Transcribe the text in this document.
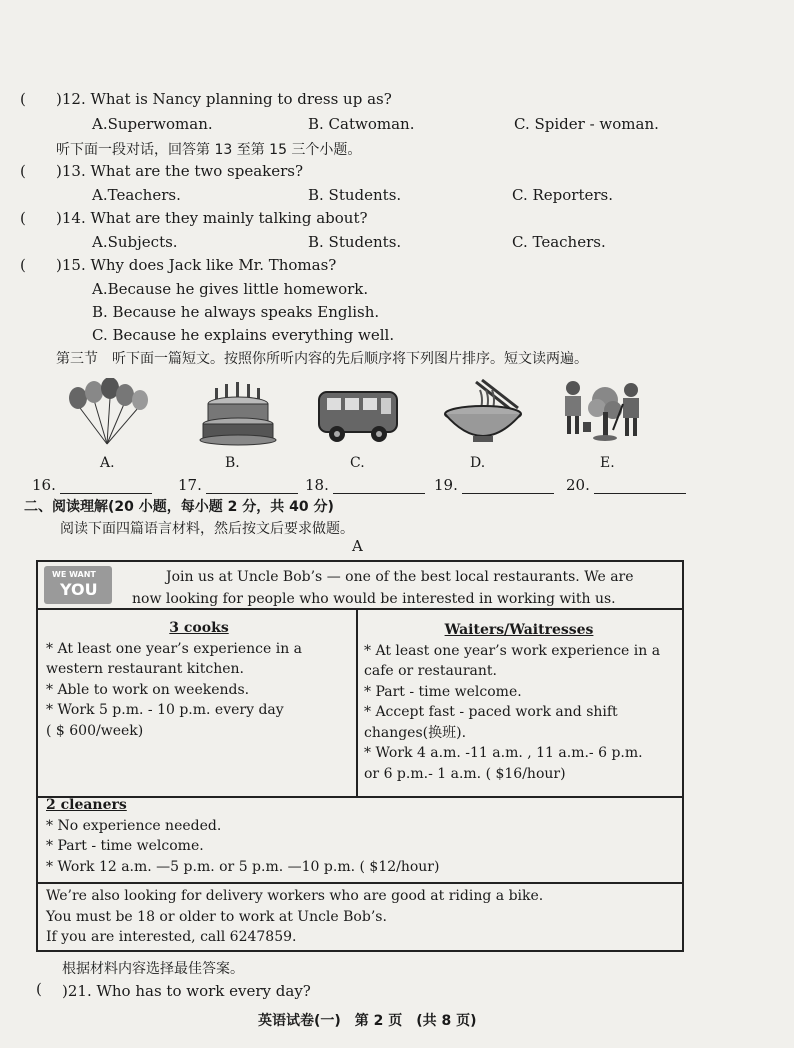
( )12. What is Nancy planning to dress up as?
A.Superwoman.	B. Catwoman.	C. Spider - woman.
听下面一段对话，回答第 13 至第 15 三个小题。
( )13. What are the two speakers?
A.Teachers.	B. Students.	C. Reporters.
( )14. What are they mainly talking about?
A.Subjects.	B. Students.	C. Teachers.
( )15. Why does Jack like Mr. Thomas?
A.Because he gives little homework.
B. Because he always speaks English.
C. Because he explains everything well.
第三节　听下面一篇短文。按照你所听内容的先后顺序将下列图片排序。短文读两遍。
A.	B.	C.	D.	E.
16.	17.	18.	19.	20.
二、阅读理解(20 小题，每小题 2 分，共 40 分)
阅读下面四篇语言材料，然后按文后要求做题。
A
WE WANT
YOU
Join us at Uncle Bob’s — one of the best local restaurants. We are
now looking for people who would be interested in working with us.
3 cooks
* At least one year’s experience in a
western restaurant kitchen.
* Able to work on weekends.
* Work 5 p.m. - 10 p.m. every day
( $ 600/week)
Waiters/Waitresses
* At least one year’s work experience in a
cafe or restaurant.
* Part - time welcome.
* Accept fast - paced work and shift
changes(换班).
* Work 4 a.m. -11 a.m. , 11 a.m.- 6 p.m.
or 6 p.m.- 1 a.m. ( $16/hour)
2 cleaners
* No experience needed.
* Part - time welcome.
* Work 12 a.m. —5 p.m. or 5 p.m. —10 p.m. ( $12/hour)
We’re also looking for delivery workers who are good at riding a bike.
You must be 18 or older to work at Uncle Bob’s.
If you are interested, call 6247859.
根据材料内容选择最佳答案。
( )21. Who has to work every day?
英语试卷(一)　第 2 页　(共 8 页)
